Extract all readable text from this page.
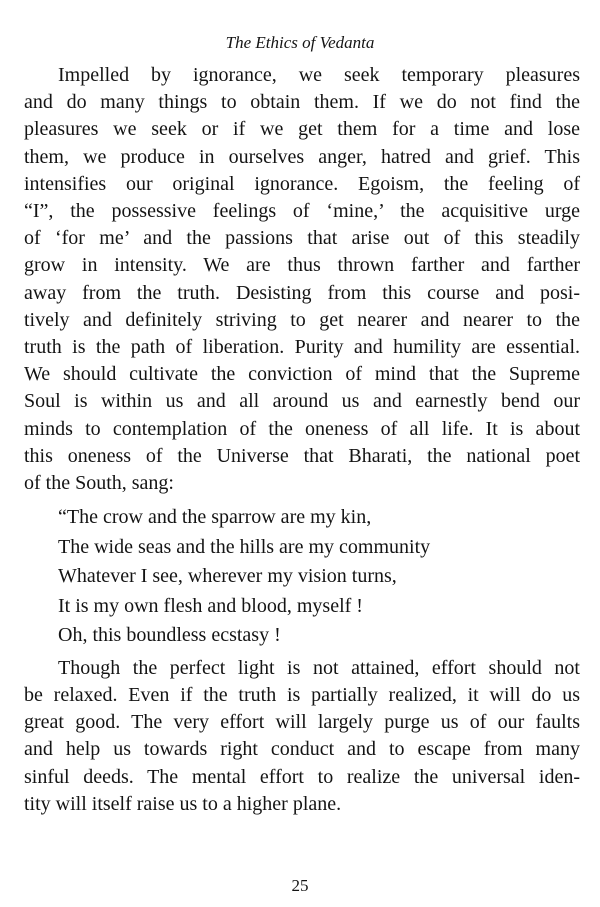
The Ethics of Vedanta

Impelled by ignorance, we seek temporary pleasures
and do many things to obtain them. If we do not find the
pleasures we seek or if we get them for a time and lose
them, we produce in ourselves anger, hatred and grief. This
intensifies our original ignorance. Egoism, the feeling of
“I”, the possessive feelings of ‘mine,’ the acquisitive urge
of ‘for me’ and the passions that arise out of this steadily
grow in intensity. We are thus thrown farther and farther
away from the truth. Desisting from this course and posi-
tively and definitely striving to get nearer and nearer to the
truth is the path of liberation. Purity and humility are essential.
We should cultivate the conviction of mind that the Supreme
Soul is within us and all around us and earnestly bend our
minds to contemplation of the oneness of all life. It is about
this oneness of the Universe that Bharati, the national poet
of the South, sang:

“The crow and the sparrow are my kin,
The wide seas and the hills are my community
Whatever I see, wherever my vision turns,
It is my own flesh and blood, myself !
Oh, this boundless ecstasy !

Though the perfect light is not attained, effort should not
be relaxed. Even if the truth is partially realized, it will do us
great good. The very effort will largely purge us of our faults
and help us towards right conduct and to escape from many
sinful deeds. The mental effort to realize the universal iden-
tity will itself raise us to a higher plane.

25
